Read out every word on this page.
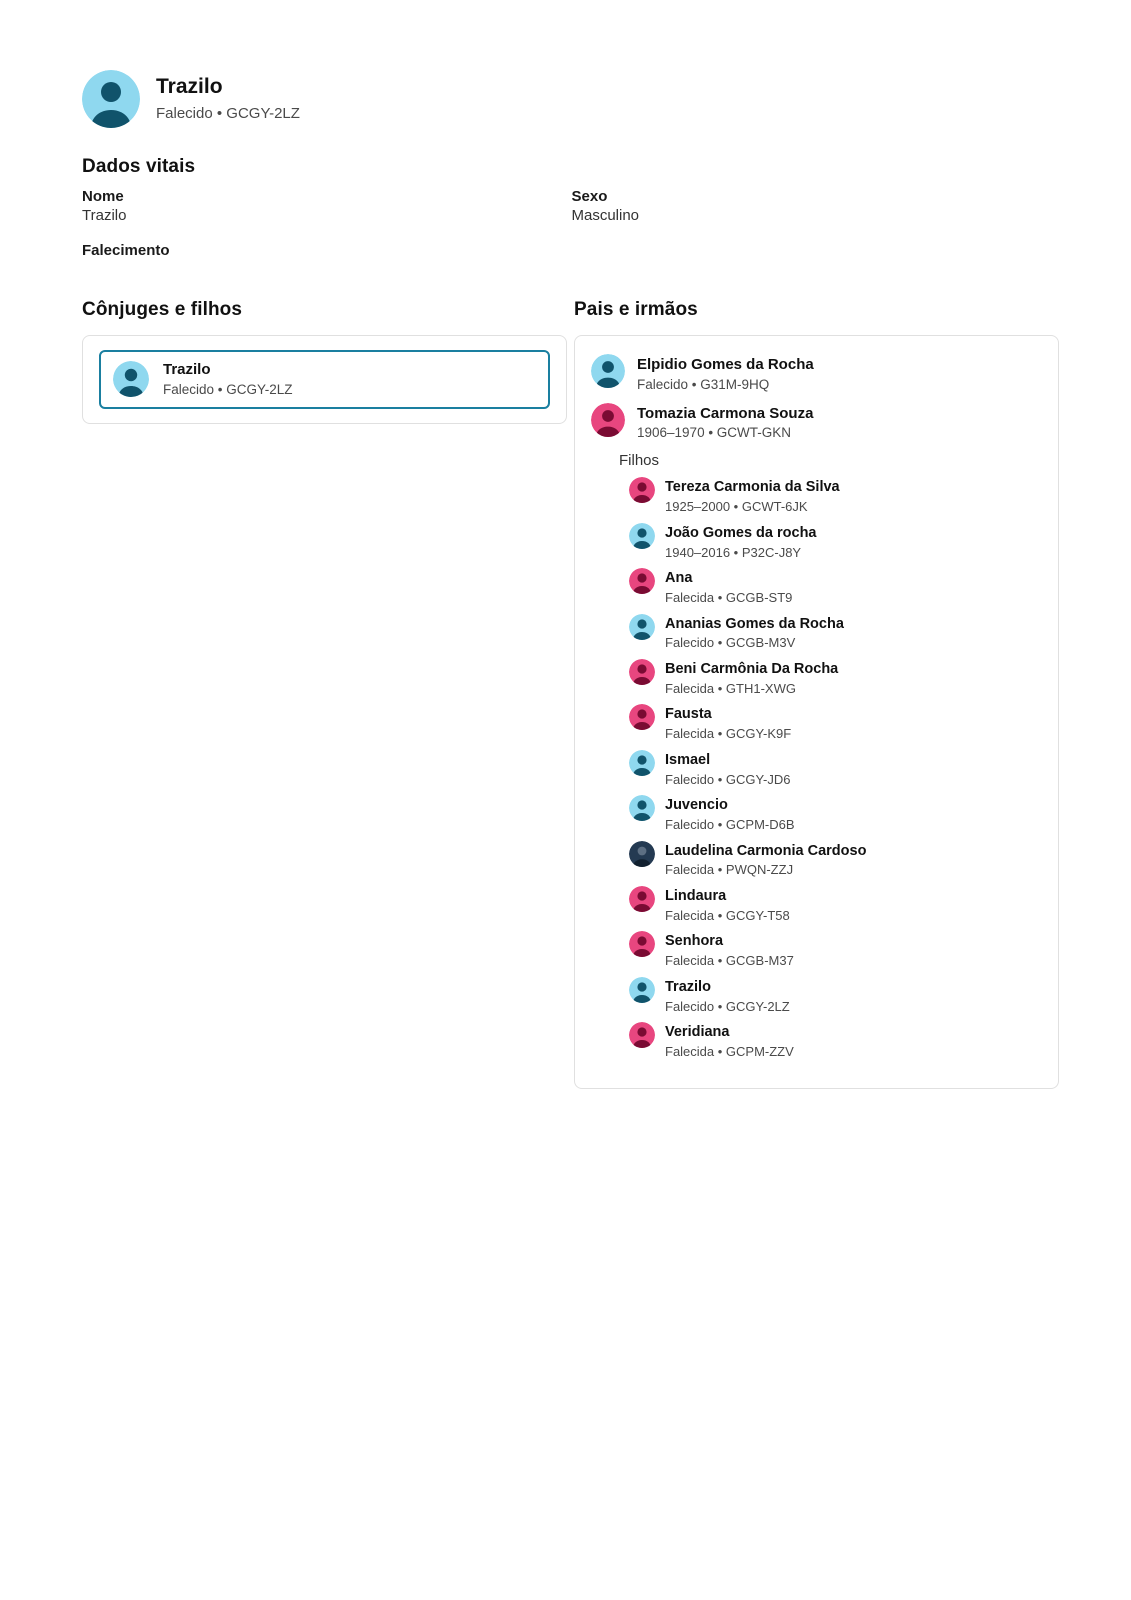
Trazilo
Falecido • GCGY-2LZ
Dados vitais

Nome

Trazilo

Sexo

Masculino

Falecimento

Cônjuges e filhos
Trazilo
Falecido • GCGY-2LZ
Pais e irmãos
Elpidio Gomes da Rocha
Falecido • G31M-9HQ
Tomazia Carmona Souza
1906–1970 • GCWT-GKN
Filhos
Tereza Carmonia da Silva
1925–2000 • GCWT-6JK
João Gomes da rocha
1940–2016 • P32C-J8Y
Ana
Falecida • GCGB-ST9
Ananias Gomes da Rocha
Falecido • GCGB-M3V
Beni Carmônia Da Rocha
Falecida • GTH1-XWG
Fausta
Falecida • GCGY-K9F
Ismael
Falecido • GCGY-JD6
Juvencio
Falecido • GCPM-D6B
Laudelina Carmonia Cardoso
Falecida • PWQN-ZZJ
Lindaura
Falecida • GCGY-T58
Senhora
Falecida • GCGB-M37
Trazilo
Falecido • GCGY-2LZ
Veridiana
Falecida • GCPM-ZZV
